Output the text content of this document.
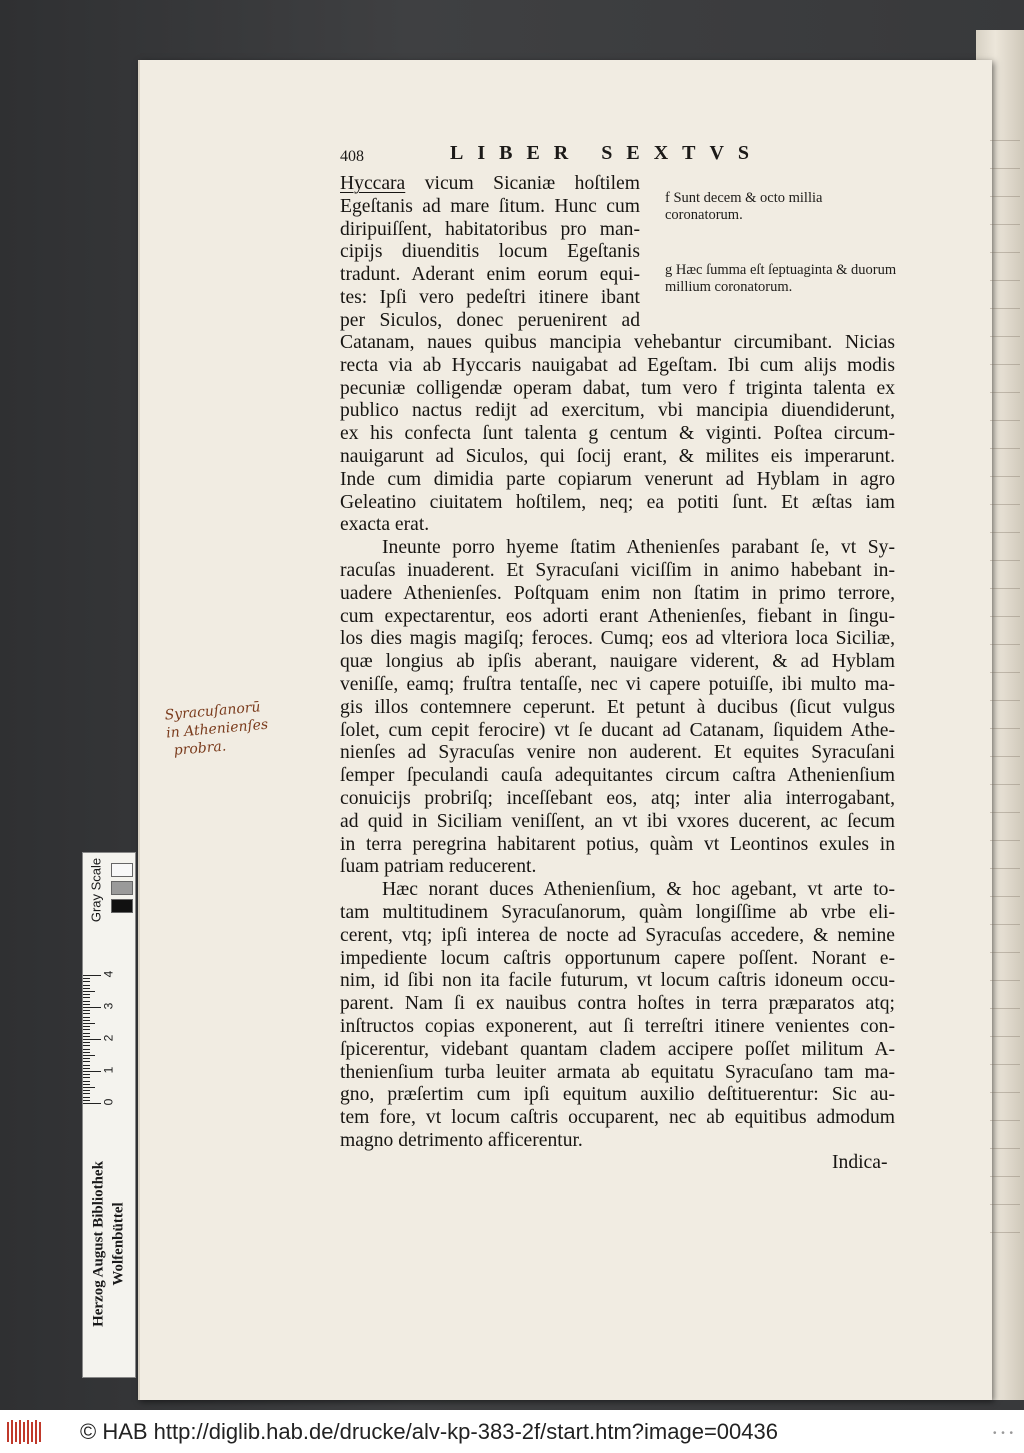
408	LIBER SEXTVS
Hyccara vicum Sicaniæ hoſtilem
Egeſtanis ad mare ſitum. Hunc cum
diripuiſſent, habitatoribus pro man-
cipijs diuenditis locum Egeſtanis
tradunt. Aderant enim eorum equi-
tes: Ipſi vero pedeſtri itinere ibant
per Siculos, donec peruenirent ad
Catanam, naues quibus mancipia vehebantur circumibant. Nicias
recta via ab Hyccaris nauigabat ad Egeſtam. Ibi cum alijs modis
pecuniæ colligendæ operam dabat, tum vero f triginta talenta ex
publico nactus rediјt ad exercitum, vbi mancipia diuendiderunt,
ex his confecta ſunt talenta g centum & viginti. Poſtea circum-
nauigarunt ad Siculos, qui ſocij erant, & milites eis imperarunt.
Inde cum dimidia parte copiarum venerunt ad Hyblam in agro
Geleatino ciuitatem hoſtilem, neq; ea potiti ſunt. Et æſtas iam
exacta erat.
Ineunte porro hyeme ſtatim Athenienſes parabant ſe, vt Sy-
racuſas inuaderent. Et Syracuſani viciſſim in animo habebant in-
uadere Athenienſes. Poſtquam enim non ſtatim in primo terrore,
cum expectarentur, eos adorti erant Athenienſes, fiebant in ſingu-
los dies magis magiſq; feroces. Cumq; eos ad vlteriora loca Siciliæ,
quæ longius ab ipſis aberant, nauigare viderent, & ad Hyblam
veniſſe, eamq; fruſtra tentaſſe, nec vi capere potuiſſe, ibi multo ma-
gis illos contemnere ceperunt. Et petunt à ducibus (ſicut vulgus
ſolet, cum cepit feroсire) vt ſe ducant ad Catanam, ſiquidem Athe-
nienſes ad Syracuſas venire non auderent. Et equites Syracuſani
ſemper ſpeculandi cauſa adequitantes circum caſtra Athenienſium
conuicijs probriſq; inceſſebant eos, atq; inter alia interrogabant,
ad quid in Siciliam veniſſent, an vt ibi vxores ducerent, ac ſecum
in terra peregrina habitarent potius, quàm vt Leontinos exules in
ſuam patriam reducerent.
Hæc norant duces Athenienſium, & hoc agebant, vt arte to-
tam multitudinem Syracuſanorum, quàm longiſſime ab vrbe eli-
cerent, vtq; ipſi interea de nocte ad Syracuſas accedere, & nemine
impediente locum caſtris opportunum capere poſſent. Norant e-
nim, id ſibi non ita facile futurum, vt locum caſtris idoneum occu-
parent. Nam ſi ex nauibus contra hoſtes in terra præparatos atq;
inſtructos copias exponerent, aut ſi terreſtri itinere venientes con-
ſpicerentur, videbant quantam cladem accipere poſſet militum A-
thenienſium turba leuiter armata ab equitatu Syracuſano tam ma-
gno, præſertim cum ipſi equitum auxilio deſtituerentur: Sic au-
tem fore, vt locum caſtris occuparent, nec ab equitibus admodum
magno detrimento afficerentur.
f Sunt decem & octo millia coronatorum.
g Hæc ſumma eſt ſeptuaginta & duorum millium coronatorum.
Syracuſanorū
in Athenienſes
probra.
Indica-
Gray Scale
0
1
2
3
4
Herzog August Bibliothek Wolfenbüttel
© HAB http://diglib.hab.de/drucke/alv-kp-383-2f/start.htm?image=00436	• • •
